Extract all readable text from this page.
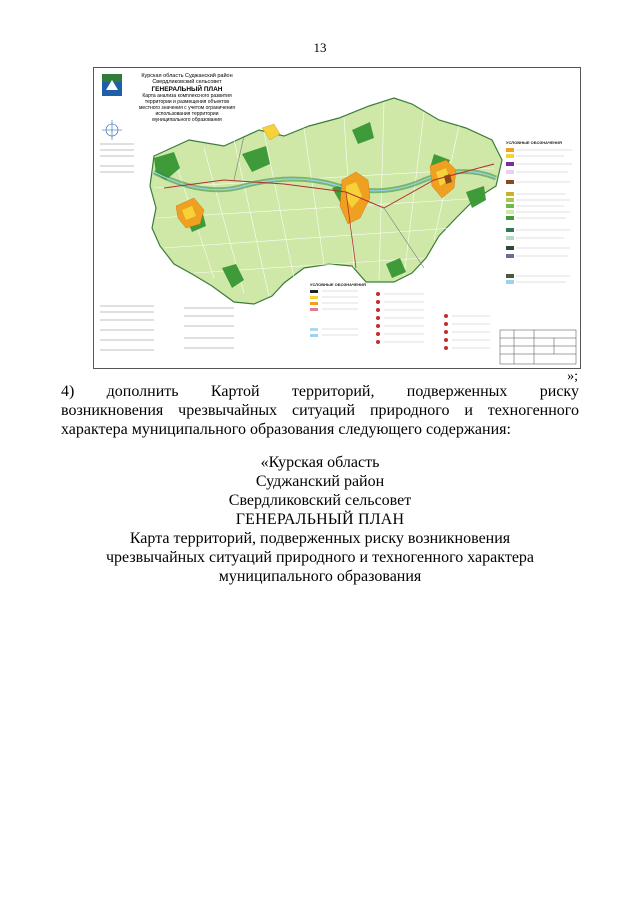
13
Курская область Суджанский район
Свердликовский сельсовет
ГЕНЕРАЛЬНЫЙ ПЛАН
Карта анализа комплексного развития
территории и размещения объектов
местного значения с учетом ограничения
использования территории
муниципального образования
УСЛОВНЫЕ ОБОЗНАЧЕНИЯ
УСЛОВНЫЕ ОБОЗНАЧЕНИЯ
»;
4) дополнить Картой территорий, подверженных риску
возникновения чрезвычайных ситуаций природного и техногенного
характера муниципального образования следующего содержания:
«Курская область
Суджанский район
Свердликовский сельсовет
ГЕНЕРАЛЬНЫЙ ПЛАН
Карта территорий, подверженных риску возникновения
чрезвычайных ситуаций природного и техногенного характера
муниципального образования
